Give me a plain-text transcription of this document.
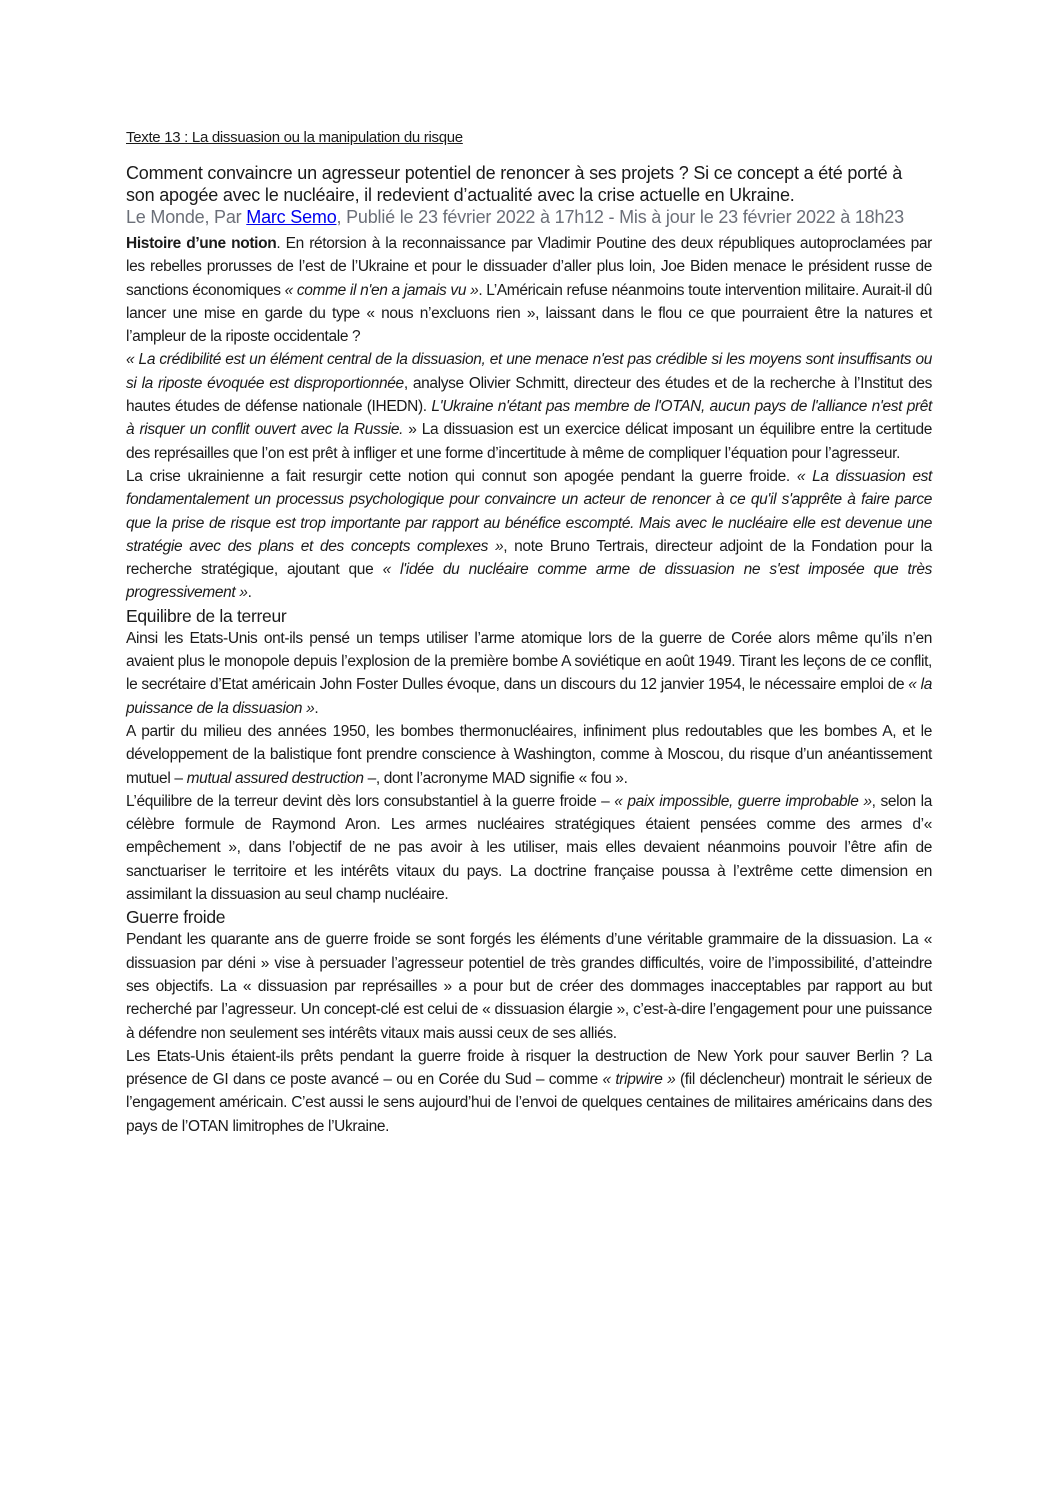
Texte 13 : La dissuasion ou la manipulation du risque

Comment convaincre un agresseur potentiel de renoncer à ses projets ? Si ce concept a été porté à son apogée avec le nucléaire, il redevient d’actualité avec la crise actuelle en Ukraine.

Le Monde, Par Marc Semo, Publié le 23 février 2022 à 17h12 - Mis à jour le 23 février 2022 à 18h23

Histoire d’une notion. En rétorsion à la reconnaissance par Vladimir Poutine des deux républiques autoproclamées par les rebelles prorusses de l’est de l’Ukraine et pour le dissuader d’aller plus loin, Joe Biden menace le président russe de sanctions économiques « comme il n'en a jamais vu ». L’Américain refuse néanmoins toute intervention militaire. Aurait-il dû lancer une mise en garde du type « nous n’excluons rien », laissant dans le flou ce que pourraient être la natures et l’ampleur de la riposte occidentale ?

« La crédibilité est un élément central de la dissuasion, et une menace n'est pas crédible si les moyens sont insuffisants ou si la riposte évoquée est disproportionnée, analyse Olivier Schmitt, directeur des études et de la recherche à l’Institut des hautes études de défense nationale (IHEDN). L'Ukraine n'étant pas membre de l'OTAN, aucun pays de l'alliance n'est prêt à risquer un conflit ouvert avec la Russie. » La dissuasion est un exercice délicat imposant un équilibre entre la certitude des représailles que l’on est prêt à infliger et une forme d’incertitude à même de compliquer l’équation pour l’agresseur.

La crise ukrainienne a fait resurgir cette notion qui connut son apogée pendant la guerre froide. « La dissuasion est fondamentalement un processus psychologique pour convaincre un acteur de renoncer à ce qu'il s'apprête à faire parce que la prise de risque est trop importante par rapport au bénéfice escompté. Mais avec le nucléaire elle est devenue une stratégie avec des plans et des concepts complexes », note Bruno Tertrais, directeur adjoint de la Fondation pour la recherche stratégique, ajoutant que « l'idée du nucléaire comme arme de dissuasion ne s'est imposée que très progressivement ».

Equilibre de la terreur

Ainsi les Etats-Unis ont-ils pensé un temps utiliser l’arme atomique lors de la guerre de Corée alors même qu’ils n’en avaient plus le monopole depuis l’explosion de la première bombe A soviétique en août 1949. Tirant les leçons de ce conflit, le secrétaire d’Etat américain John Foster Dulles évoque, dans un discours du 12 janvier 1954, le nécessaire emploi de « la puissance de la dissuasion ».

A partir du milieu des années 1950, les bombes thermonucléaires, infiniment plus redoutables que les bombes A, et le développement de la balistique font prendre conscience à Washington, comme à Moscou, du risque d’un anéantissement mutuel – mutual assured destruction –, dont l’acronyme MAD signifie « fou ».

L’équilibre de la terreur devint dès lors consubstantiel à la guerre froide – « paix impossible, guerre improbable », selon la célèbre formule de Raymond Aron. Les armes nucléaires stratégiques étaient pensées comme des armes d’« empêchement », dans l’objectif de ne pas avoir à les utiliser, mais elles devaient néanmoins pouvoir l’être afin de sanctuariser le territoire et les intérêts vitaux du pays. La doctrine française poussa à l’extrême cette dimension en assimilant la dissuasion au seul champ nucléaire.

Guerre froide

Pendant les quarante ans de guerre froide se sont forgés les éléments d’une véritable grammaire de la dissuasion. La « dissuasion par déni » vise à persuader l’agresseur potentiel de très grandes difficultés, voire de l’impossibilité, d’atteindre ses objectifs. La « dissuasion par représailles » a pour but de créer des dommages inacceptables par rapport au but recherché par l’agresseur. Un concept-clé est celui de « dissuasion élargie », c’est-à-dire l’engagement pour une puissance à défendre non seulement ses intérêts vitaux mais aussi ceux de ses alliés.

Les Etats-Unis étaient-ils prêts pendant la guerre froide à risquer la destruction de New York pour sauver Berlin ? La présence de GI dans ce poste avancé – ou en Corée du Sud – comme « tripwire » (fil déclencheur) montrait le sérieux de l’engagement américain. C’est aussi le sens aujourd’hui de l’envoi de quelques centaines de militaires américains dans des pays de l’OTAN limitrophes de l’Ukraine.
